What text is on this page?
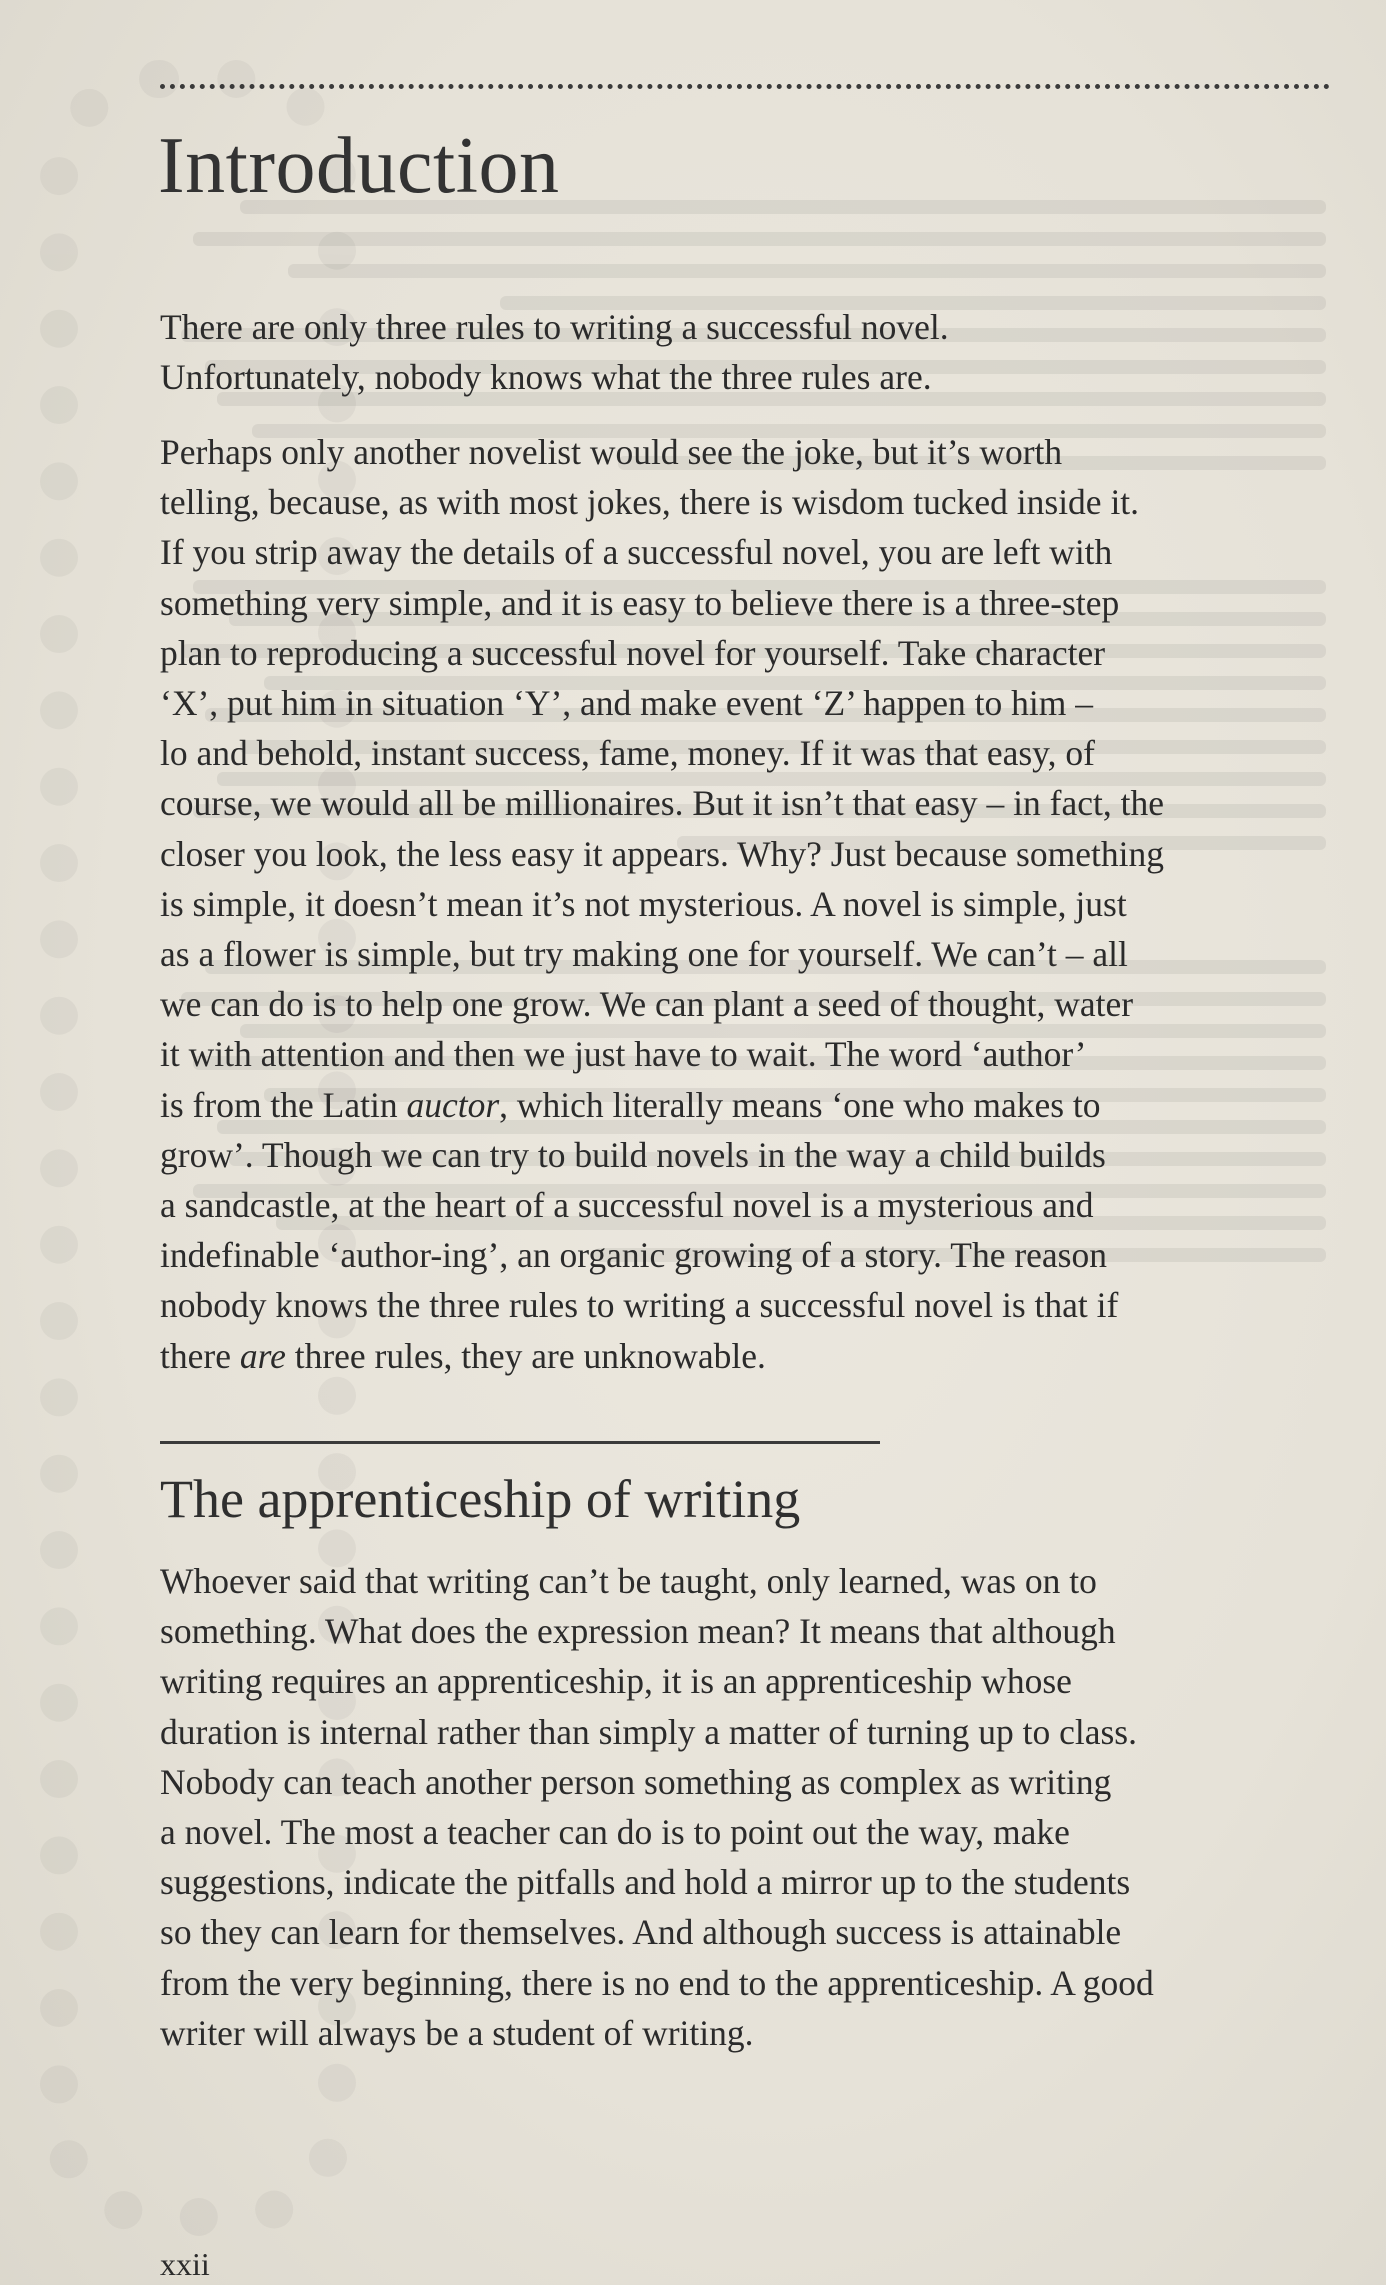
Introduction

There are only three rules to writing a successful novel.
Unfortunately, nobody knows what the three rules are.

Perhaps only another novelist would see the joke, but it’s worth
telling, because, as with most jokes, there is wisdom tucked inside it.
If you strip away the details of a successful novel, you are left with
something very simple, and it is easy to believe there is a three-step
plan to reproducing a successful novel for yourself. Take character
‘X’, put him in situation ‘Y’, and make event ‘Z’ happen to him –
lo and behold, instant success, fame, money. If it was that easy, of
course, we would all be millionaires. But it isn’t that easy – in fact, the
closer you look, the less easy it appears. Why? Just because something
is simple, it doesn’t mean it’s not mysterious. A novel is simple, just
as a flower is simple, but try making one for yourself. We can’t – all
we can do is to help one grow. We can plant a seed of thought, water
it with attention and then we just have to wait. The word ‘author’
is from the Latin auctor, which literally means ‘one who makes to
grow’. Though we can try to build novels in the way a child builds
a sandcastle, at the heart of a successful novel is a mysterious and
indefinable ‘author-ing’, an organic growing of a story. The reason
nobody knows the three rules to writing a successful novel is that if
there are three rules, they are unknowable.

The apprenticeship of writing

Whoever said that writing can’t be taught, only learned, was on to
something. What does the expression mean? It means that although
writing requires an apprenticeship, it is an apprenticeship whose
duration is internal rather than simply a matter of turning up to class.
Nobody can teach another person something as complex as writing
a novel. The most a teacher can do is to point out the way, make
suggestions, indicate the pitfalls and hold a mirror up to the students
so they can learn for themselves. And although success is attainable
from the very beginning, there is no end to the apprenticeship. A good
writer will always be a student of writing.

xxii
